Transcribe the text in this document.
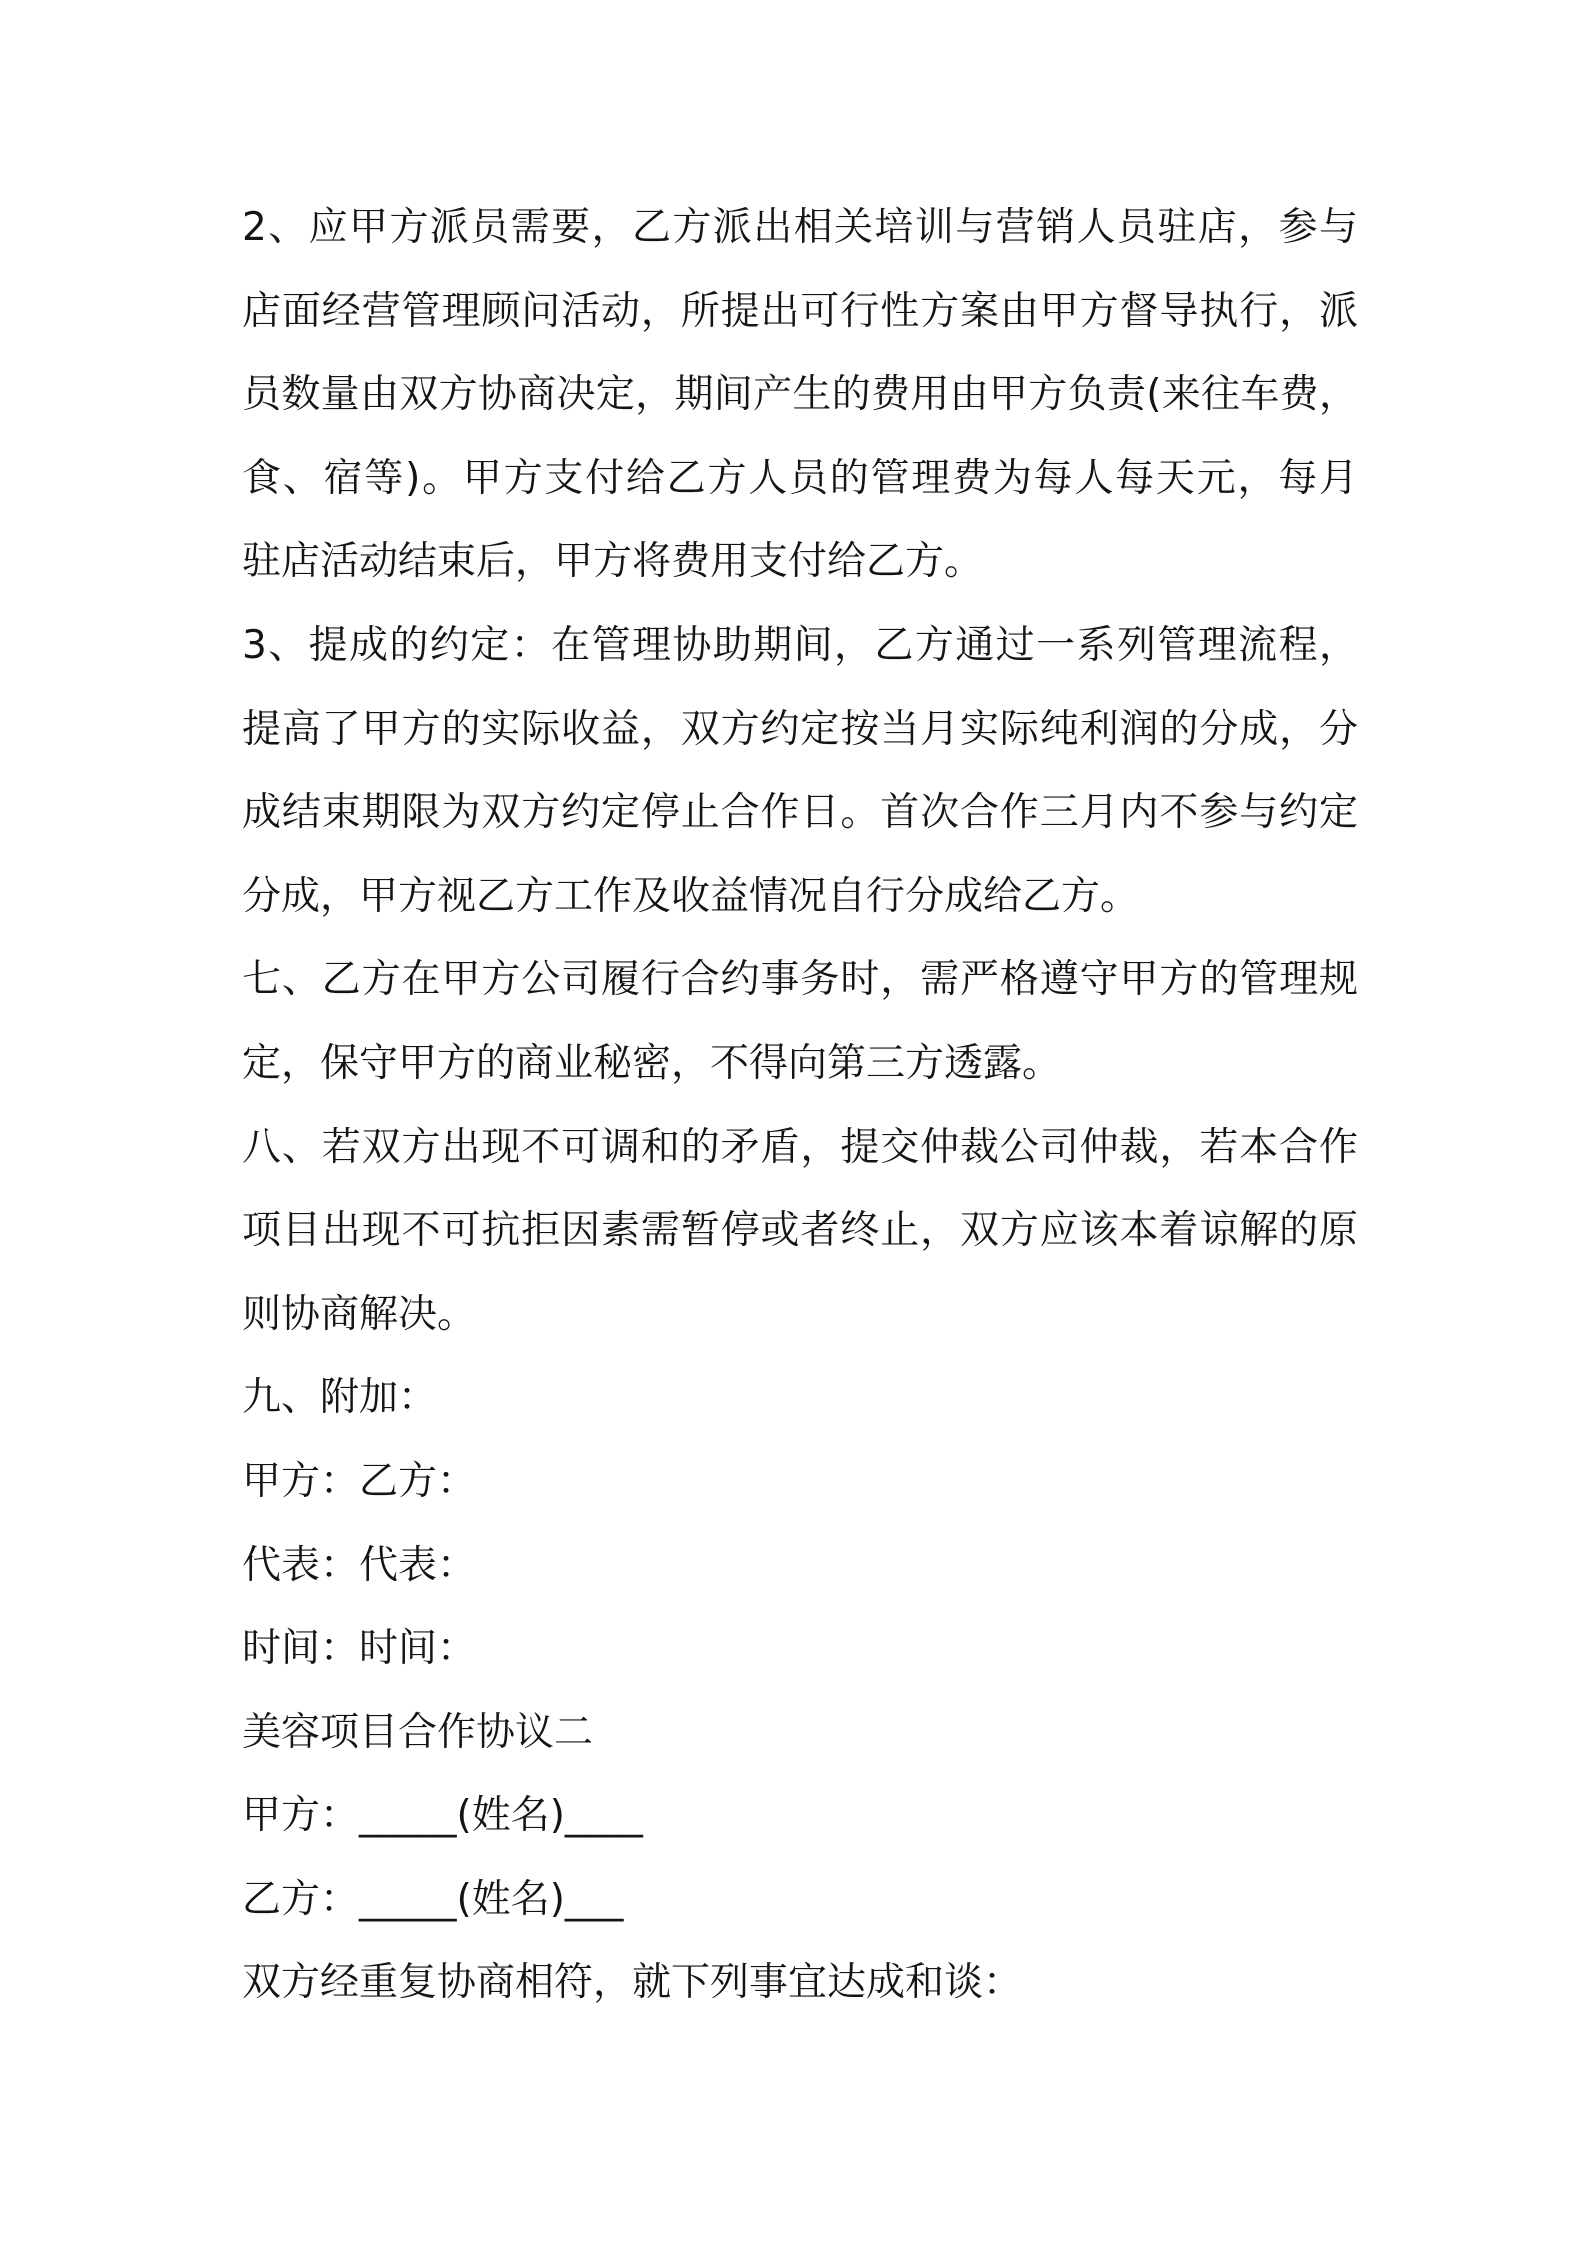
2、应甲方派员需要，乙方派出相关培训与营销人员驻店，参与
店面经营管理顾问活动，所提出可行性方案由甲方督导执行，派
员数量由双方协商决定，期间产生的费用由甲方负责(来往车费，
食、宿等)。甲方支付给乙方人员的管理费为每人每天元，每月
驻店活动结束后，甲方将费用支付给乙方。
3、提成的约定：在管理协助期间，乙方通过一系列管理流程，
提高了甲方的实际收益，双方约定按当月实际纯利润的分成，分
成结束期限为双方约定停止合作日。首次合作三月内不参与约定
分成，甲方视乙方工作及收益情况自行分成给乙方。
七、乙方在甲方公司履行合约事务时，需严格遵守甲方的管理规
定，保守甲方的商业秘密，不得向第三方透露。
八、若双方出现不可调和的矛盾，提交仲裁公司仲裁，若本合作
项目出现不可抗拒因素需暂停或者终止，双方应该本着谅解的原
则协商解决。
九、附加：
甲方：乙方：
代表：代表：
时间：时间：
美容项目合作协议二
甲方：_____(姓名)____
乙方：_____(姓名)___
双方经重复协商相符，就下列事宜达成和谈：
